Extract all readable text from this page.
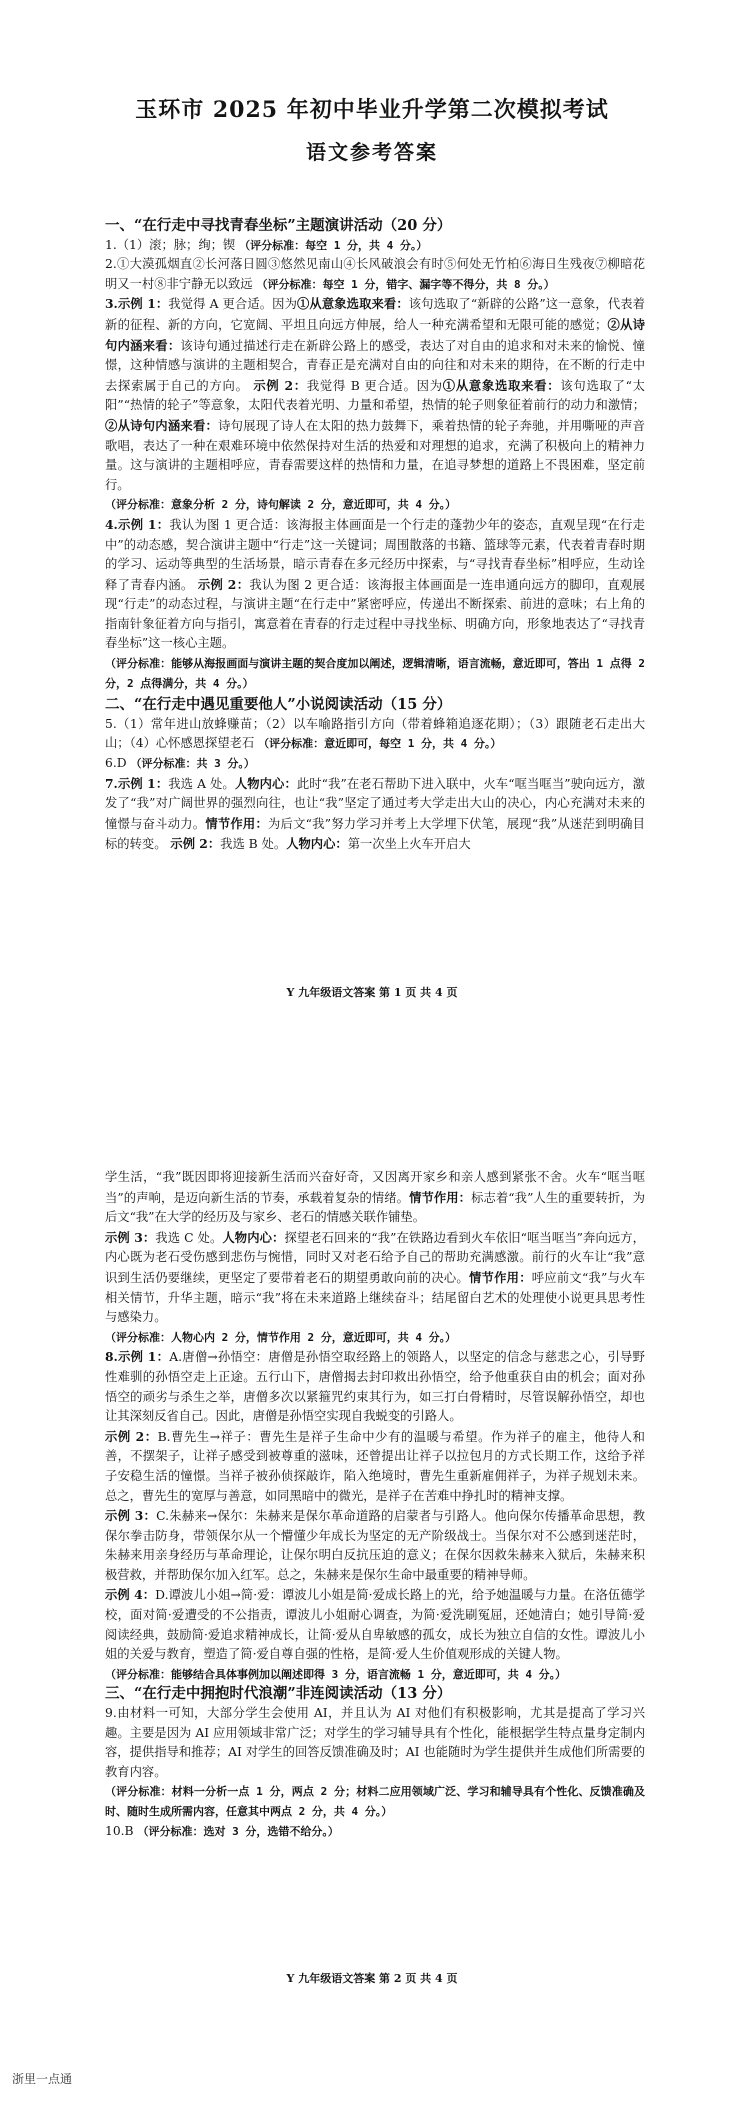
玉环市 2025 年初中毕业升学第二次模拟考试
语文参考答案

一、“在行走中寻找青春坐标”主题演讲活动（20 分）

1.（1）滚；脉；绚；锲 （评分标准：每空 1 分，共 4 分。）

2.①大漠孤烟直②长河落日圆③悠然见南山④长风破浪会有时⑤何处无竹柏⑥海日生残夜⑦柳暗花明又一村⑧非宁静无以致远 （评分标准：每空 1 分，错字、漏字等不得分，共 8 分。）

3.示例 1：我觉得 A 更合适。因为①从意象选取来看：该句选取了“新辟的公路”这一意象，代表着新的征程、新的方向，它宽阔、平坦且向远方伸展，给人一种充满希望和无限可能的感觉；②从诗句内涵来看：该诗句通过描述行走在新辟公路上的感受，表达了对自由的追求和对未来的愉悦、憧憬，这种情感与演讲的主题相契合，青春正是充满对自由的向往和对未来的期待，在不断的行走中去探索属于自己的方向。 示例 2：我觉得 B 更合适。因为①从意象选取来看：该句选取了“太阳”“热情的轮子”等意象，太阳代表着光明、力量和希望，热情的轮子则象征着前行的动力和激情；②从诗句内涵来看：诗句展现了诗人在太阳的热力鼓舞下，乘着热情的轮子奔驰，并用嘶哑的声音歌唱，表达了一种在艰难环境中依然保持对生活的热爱和对理想的追求，充满了积极向上的精神力量。这与演讲的主题相呼应，青春需要这样的热情和力量，在追寻梦想的道路上不畏困难，坚定前行。

（评分标准：意象分析 2 分，诗句解读 2 分，意近即可，共 4 分。）

4.示例 1：我认为图 1 更合适：该海报主体画面是一个行走的蓬勃少年的姿态，直观呈现“在行走中”的动态感，契合演讲主题中“行走”这一关键词；周围散落的书籍、篮球等元素，代表着青春时期的学习、运动等典型的生活场景，暗示青春在多元经历中探索，与“寻找青春坐标”相呼应，生动诠释了青春内涵。 示例 2：我认为图 2 更合适：该海报主体画面是一连串通向远方的脚印，直观展现“行走”的动态过程，与演讲主题“在行走中”紧密呼应，传递出不断探索、前进的意味；右上角的指南针象征着方向与指引，寓意着在青春的行走过程中寻找坐标、明确方向，形象地表达了“寻找青春坐标”这一核心主题。

（评分标准：能够从海报画面与演讲主题的契合度加以阐述，逻辑清晰，语言流畅，意近即可，答出 1 点得 2 分，2 点得满分，共 4 分。）

二、“在行走中遇见重要他人”小说阅读活动（15 分）

5.（1）常年进山放蜂赚苗；（2）以车喻路指引方向（带着蜂箱追逐花期）；（3）跟随老石走出大山；（4）心怀感恩探望老石 （评分标准：意近即可，每空 1 分，共 4 分。）

6.D （评分标准：共 3 分。）

7.示例 1：我选 A 处。人物内心：此时“我”在老石帮助下进入联中，火车“哐当哐当”驶向远方，激发了“我”对广阔世界的强烈向往，也让“我”坚定了通过考大学走出大山的决心，内心充满对未来的憧憬与奋斗动力。情节作用：为后文“我”努力学习并考上大学埋下伏笔，展现“我”从迷茫到明确目标的转变。 示例 2：我选 B 处。人物内心：第一次坐上火车开启大

Y 九年级语文答案 第 1 页 共 4 页

学生活，“我”既因即将迎接新生活而兴奋好奇，又因离开家乡和亲人感到紧张不舍。火车“哐当哐当”的声响，是迈向新生活的节奏，承载着复杂的情绪。情节作用：标志着“我”人生的重要转折，为后文“我”在大学的经历及与家乡、老石的情感关联作铺垫。

示例 3：我选 C 处。人物内心：探望老石回来的“我”在铁路边看到火车依旧“哐当哐当”奔向远方，内心既为老石受伤感到悲伤与惋惜，同时又对老石给予自己的帮助充满感激。前行的火车让“我”意识到生活仍要继续，更坚定了要带着老石的期望勇敢向前的决心。情节作用：呼应前文“我”与火车相关情节，升华主题，暗示“我”将在未来道路上继续奋斗；结尾留白艺术的处理使小说更具思考性与感染力。

（评分标准：人物心内 2 分，情节作用 2 分，意近即可，共 4 分。）

8.示例 1：A.唐僧→孙悟空：唐僧是孙悟空取经路上的领路人，以坚定的信念与慈悲之心，引导野性难驯的孙悟空走上正途。五行山下，唐僧揭去封印救出孙悟空，给予他重获自由的机会；面对孙悟空的顽劣与杀生之举，唐僧多次以紧箍咒约束其行为，如三打白骨精时，尽管误解孙悟空，却也让其深刻反省自己。因此，唐僧是孙悟空实现自我蜕变的引路人。

示例 2：B.曹先生→祥子：曹先生是祥子生命中少有的温暖与希望。作为祥子的雇主，他待人和善，不摆架子，让祥子感受到被尊重的滋味，还曾提出让祥子以拉包月的方式长期工作，这给予祥子安稳生活的憧憬。当祥子被孙侦探敲诈，陷入绝境时，曹先生重新雇佣祥子，为祥子规划未来。总之，曹先生的宽厚与善意，如同黑暗中的微光，是祥子在苦难中挣扎时的精神支撑。

示例 3：C.朱赫来→保尔：朱赫来是保尔革命道路的启蒙者与引路人。他向保尔传播革命思想，教保尔拳击防身，带领保尔从一个懵懂少年成长为坚定的无产阶级战士。当保尔对不公感到迷茫时，朱赫来用亲身经历与革命理论，让保尔明白反抗压迫的意义；在保尔因救朱赫来入狱后，朱赫来积极营救，并帮助保尔加入红军。总之，朱赫来是保尔生命中最重要的精神导师。

示例 4：D.谭波儿小姐→简·爱：谭波儿小姐是简·爱成长路上的光，给予她温暖与力量。在洛伍德学校，面对简·爱遭受的不公指责，谭波儿小姐耐心调查，为简·爱洗刷冤屈，还她清白；她引导简·爱阅读经典，鼓励简·爱追求精神成长，让简·爱从自卑敏感的孤女，成长为独立自信的女性。谭波儿小姐的关爱与教育，塑造了简·爱自尊自强的性格，是简·爱人生价值观形成的关键人物。

（评分标准：能够结合具体事例加以阐述即得 3 分，语言流畅 1 分，意近即可，共 4 分。）

三、“在行走中拥抱时代浪潮”非连阅读活动（13 分）

9.由材料一可知，大部分学生会使用 AI，并且认为 AI 对他们有积极影响，尤其是提高了学习兴趣。主要是因为 AI 应用领域非常广泛；对学生的学习辅导具有个性化，能根据学生特点量身定制内容，提供指导和推荐；AI 对学生的回答反馈准确及时；AI 也能随时为学生提供并生成他们所需要的教育内容。

（评分标准：材料一分析一点 1 分，两点 2 分；材料二应用领域广泛、学习和辅导具有个性化、反馈准确及时、随时生成所需内容，任意其中两点 2 分，共 4 分。）

10.B （评分标准：选对 3 分，选错不给分。）

Y 九年级语文答案 第 2 页 共 4 页
浙里一点通
